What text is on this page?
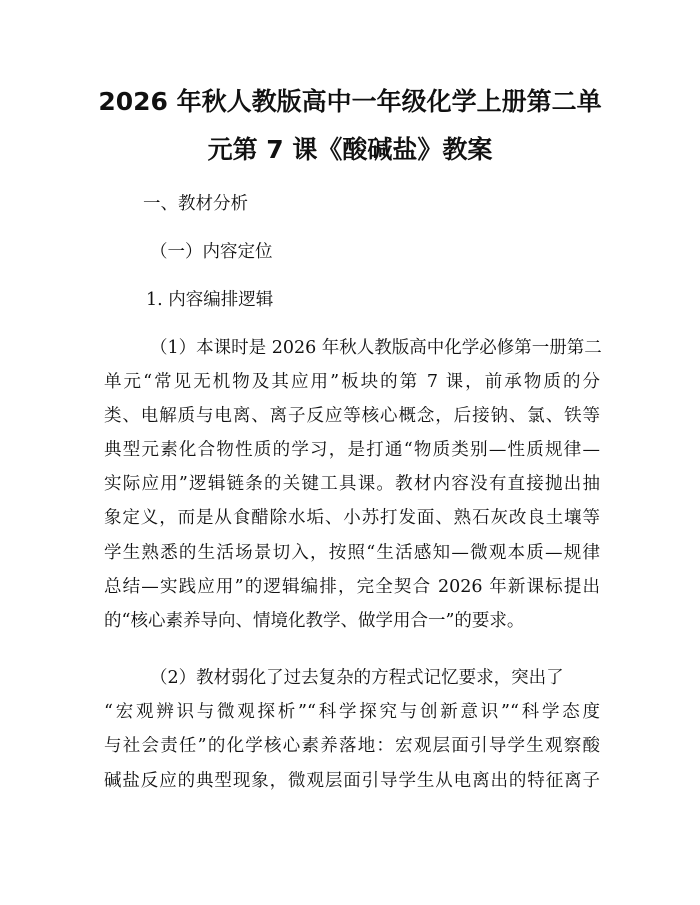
2026 年秋人教版高中一年级化学上册第二单
元第 7 课《酸碱盐》教案
一、教材分析
（一）内容定位
1. 内容编排逻辑
（1）本课时是 2026 年秋人教版高中化学必修第一册第二
单元“常见无机物及其应用”板块的第 7 课，前承物质的分
类、电解质与电离、离子反应等核心概念，后接钠、氯、铁等
典型元素化合物性质的学习，是打通“物质类别—性质规律—
实际应用”逻辑链条的关键工具课。教材内容没有直接抛出抽
象定义，而是从食醋除水垢、小苏打发面、熟石灰改良土壤等
学生熟悉的生活场景切入，按照“生活感知—微观本质—规律
总结—实践应用”的逻辑编排，完全契合 2026 年新课标提出
的“核心素养导向、情境化教学、做学用合一”的要求。
（2）教材弱化了过去复杂的方程式记忆要求，突出了
“宏观辨识与微观探析”“科学探究与创新意识”“科学态度
与社会责任”的化学核心素养落地：宏观层面引导学生观察酸
碱盐反应的典型现象，微观层面引导学生从电离出的特征离子
